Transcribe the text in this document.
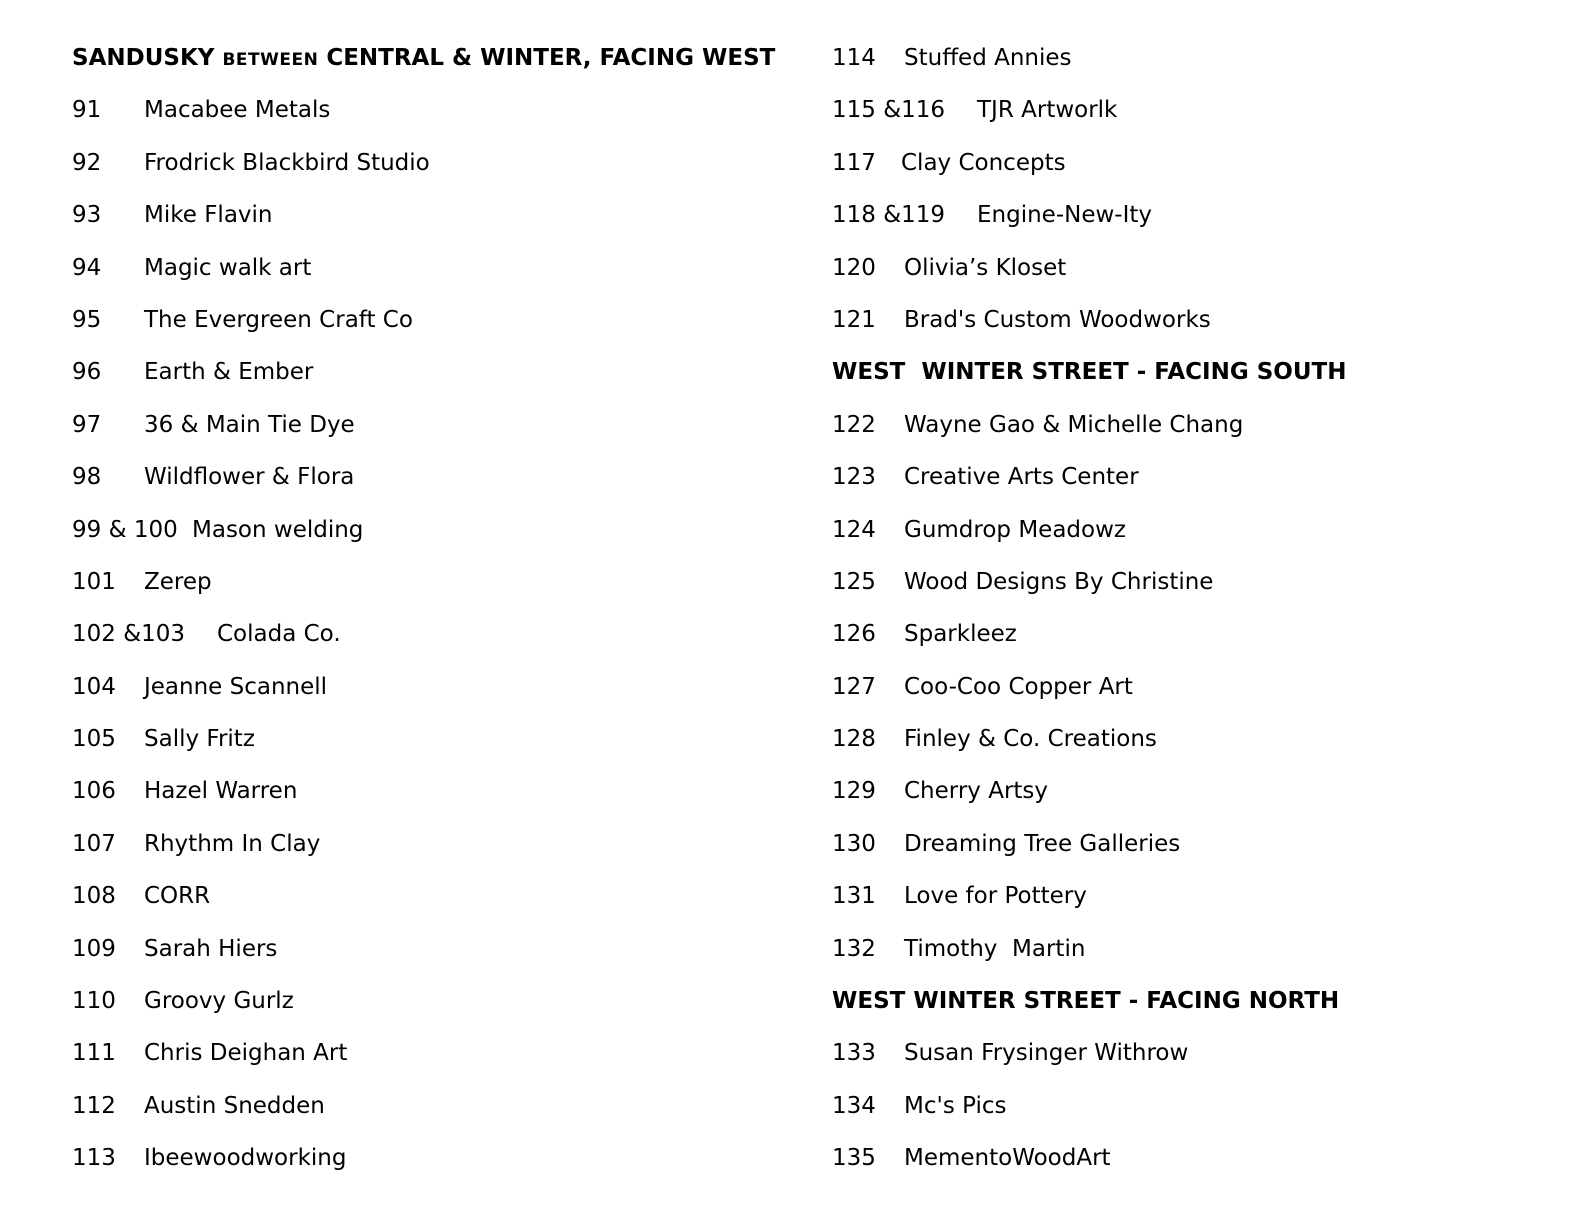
SANDUSKY BETWEEN CENTRAL & WINTER, FACING WEST
91 Macabee Metals
92 Frodrick Blackbird Studio
93 Mike Flavin
94 Magic walk art
95 The Evergreen Craft Co
96 Earth & Ember
97 36 & Main Tie Dye
98 Wildflower & Flora
99 & 100 Mason welding
101 Zerep
102 &103 Colada Co.
104 Jeanne Scannell
105 Sally Fritz
106 Hazel Warren
107 Rhythm In Clay
108 CORR
109 Sarah Hiers
110 Groovy Gurlz
111 Chris Deighan Art
112 Austin Snedden
113 Ibeewoodworking
114 Stuffed Annies
115 &116 TJR Artworlk
117 Clay Concepts
118 &119 Engine-New-Ity
120 Olivia’s Kloset
121 Brad's Custom Woodworks
WEST  WINTER STREET - FACING SOUTH
122 Wayne Gao & Michelle Chang
123 Creative Arts Center
124 Gumdrop Meadowz
125 Wood Designs By Christine
126 Sparkleez
127 Coo-Coo Copper Art
128 Finley & Co. Creations
129 Cherry Artsy
130 Dreaming Tree Galleries
131 Love for Pottery
132 Timothy  Martin
WEST WINTER STREET - FACING NORTH
133 Susan Frysinger Withrow
134 Mc's Pics
135 MementoWoodArt
